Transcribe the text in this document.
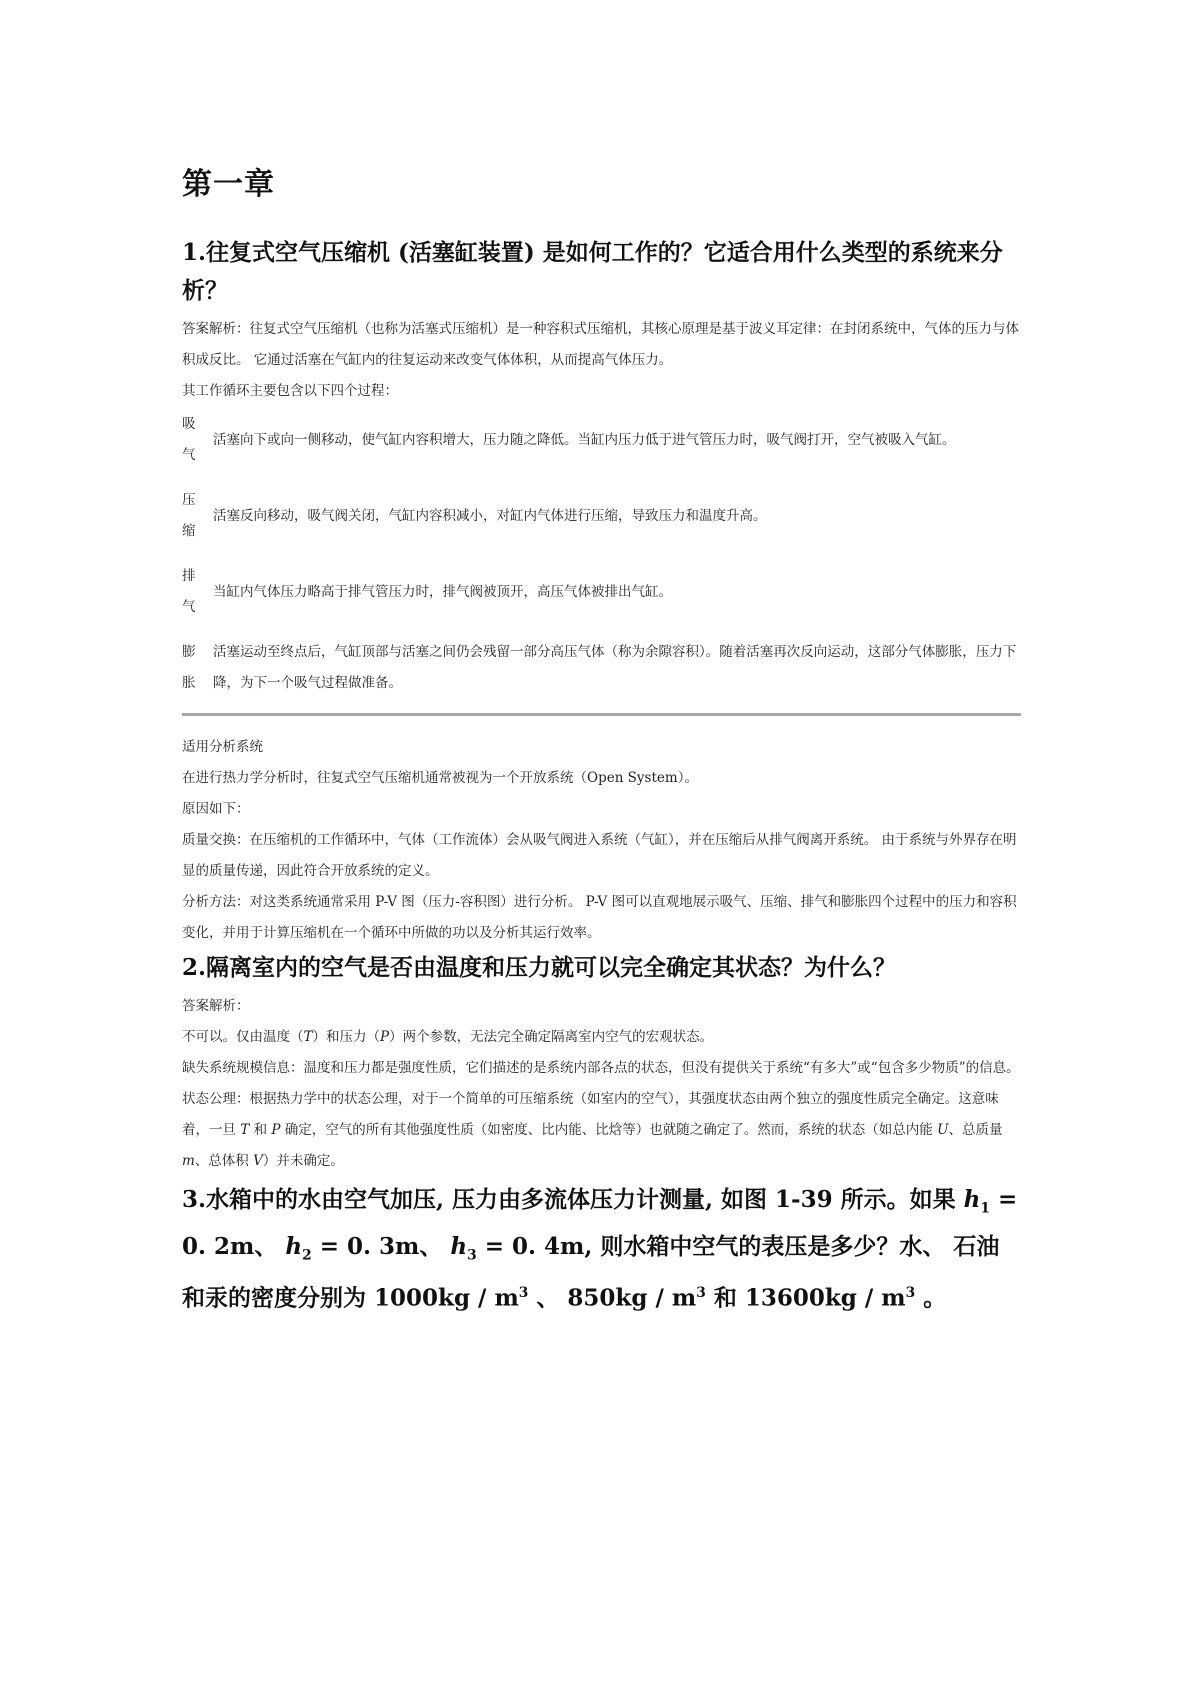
第一章
1.往复式空气压缩机 (活塞缸装置) 是如何工作的？它适合用什么类型的系统来分析？

答案解析：往复式空气压缩机（也称为活塞式压缩机）是一种容积式压缩机，其核心原理是基于波义耳定律：在封闭系统中，气体的压力与体积成反比。 它通过活塞在气缸内的往复运动来改变气体体积，从而提高气体压力。

其工作循环主要包含以下四个过程：

吸
气
活塞向下或向一侧移动，使气缸内容积增大，压力随之降低。当缸内压力低于进气管压力时，吸气阀打开，空气被吸入气缸。
压
缩
活塞反向移动，吸气阀关闭，气缸内容积减小，对缸内气体进行压缩，导致压力和温度升高。
排
气
当缸内气体压力略高于排气管压力时，排气阀被顶开，高压气体被排出气缸。
膨
胀
活塞运动至终点后，气缸顶部与活塞之间仍会残留一部分高压气体（称为余隙容积）。随着活塞再次反向运动，这部分气体膨胀，压力下降，为下一个吸气过程做准备。

适用分析系统

在进行热力学分析时，往复式空气压缩机通常被视为一个开放系统（Open System）。

原因如下：

质量交换：在压缩机的工作循环中，气体（工作流体）会从吸气阀进入系统（气缸），并在压缩后从排气阀离开系统。 由于系统与外界存在明显的质量传递，因此符合开放系统的定义。

分析方法：对这类系统通常采用 P-V 图（压力-容积图）进行分析。 P-V 图可以直观地展示吸气、压缩、排气和膨胀四个过程中的压力和容积变化，并用于计算压缩机在一个循环中所做的功以及分析其运行效率。

2.隔离室内的空气是否由温度和压力就可以完全确定其状态？为什么？

答案解析：

不可以。仅由温度（T）和压力（P）两个参数，无法完全确定隔离室内空气的宏观状态。

缺失系统规模信息：温度和压力都是强度性质，它们描述的是系统内部各点的状态，但没有提供关于系统“有多大”或“包含多少物质”的信息。

状态公理：根据热力学中的状态公理，对于一个简单的可压缩系统（如室内的空气），其强度状态由两个独立的强度性质完全确定。这意味着，一旦 T 和 P 确定，空气的所有其他强度性质（如密度、比内能、比焓等）也就随之确定了。然而，系统的状态（如总内能 U、总质量 m、总体积 V）并未确定。

3.水箱中的水由空气加压, 压力由多流体压力计测量, 如图 1-39 所示。如果 $h_1 = 0$. 2m、 $h_2 = 0$. 3m、 $h_3 = 0$. 4m, 则水箱中空气的表压是多少？水、 石油和汞的密度分别为 $1000kg / m^3$ 、 $850kg / m^3$ 和 $13600kg / m^3$ 。
